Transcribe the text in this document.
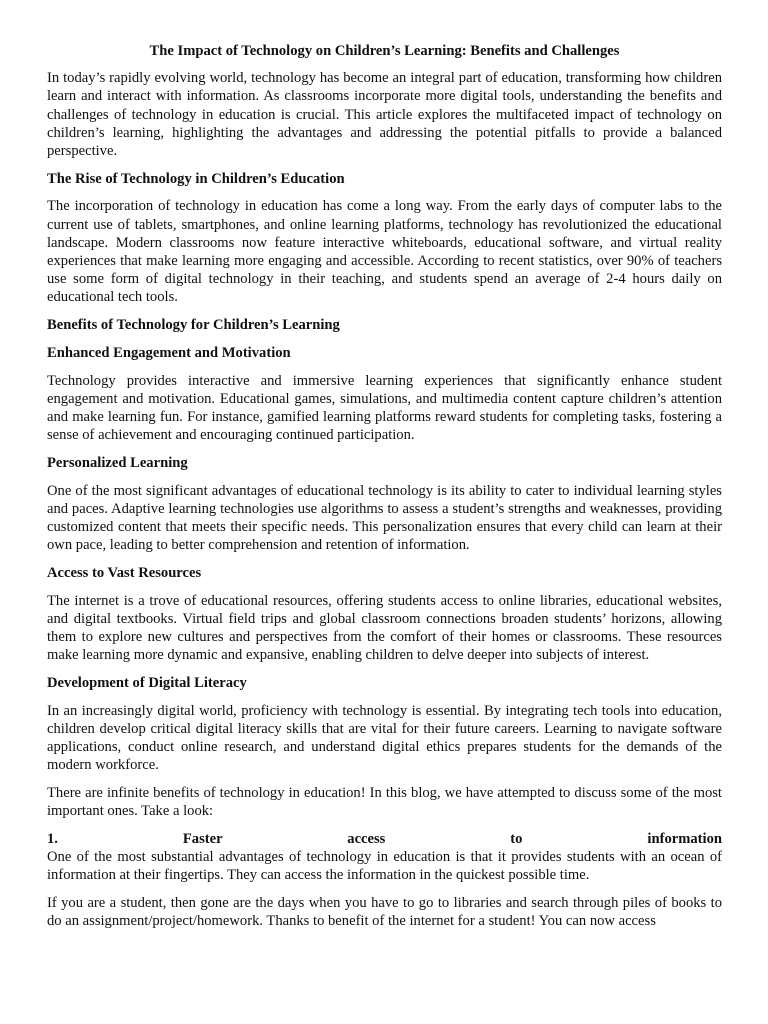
The Impact of Technology on Children’s Learning: Benefits and Challenges

In today’s rapidly evolving world, technology has become an integral part of education, transforming how children learn and interact with information. As classrooms incorporate more digital tools, understanding the benefits and challenges of technology in education is crucial. This article explores the multifaceted impact of technology on children’s learning, highlighting the advantages and addressing the potential pitfalls to provide a balanced perspective.

The Rise of Technology in Children’s Education

The incorporation of technology in education has come a long way. From the early days of computer labs to the current use of tablets, smartphones, and online learning platforms, technology has revolutionized the educational landscape. Modern classrooms now feature interactive whiteboards, educational software, and virtual reality experiences that make learning more engaging and accessible. According to recent statistics, over 90% of teachers use some form of digital technology in their teaching, and students spend an average of 2-4 hours daily on educational tech tools.

Benefits of Technology for Children’s Learning
Enhanced Engagement and Motivation

Technology provides interactive and immersive learning experiences that significantly enhance student engagement and motivation. Educational games, simulations, and multimedia content capture children’s attention and make learning fun. For instance, gamified learning platforms reward students for completing tasks, fostering a sense of achievement and encouraging continued participation.

Personalized Learning

One of the most significant advantages of educational technology is its ability to cater to individual learning styles and paces. Adaptive learning technologies use algorithms to assess a student’s strengths and weaknesses, providing customized content that meets their specific needs. This personalization ensures that every child can learn at their own pace, leading to better comprehension and retention of information.

Access to Vast Resources

The internet is a trove of educational resources, offering students access to online libraries, educational websites, and digital textbooks. Virtual field trips and global classroom connections broaden students’ horizons, allowing them to explore new cultures and perspectives from the comfort of their homes or classrooms. These resources make learning more dynamic and expansive, enabling children to delve deeper into subjects of interest.

Development of Digital Literacy

In an increasingly digital world, proficiency with technology is essential. By integrating tech tools into education, children develop critical digital literacy skills that are vital for their future careers. Learning to navigate software applications, conduct online research, and understand digital ethics prepares students for the demands of the modern workforce.

There are infinite benefits of technology in education! In this blog, we have attempted to discuss some of the most important ones. Take a look:

1. Faster access to information

One of the most substantial advantages of technology in education is that it provides students with an ocean of information at their fingertips. They can access the information in the quickest possible time.

If you are a student, then gone are the days when you have to go to libraries and search through piles of books to do an assignment/project/homework. Thanks to benefit of the internet for a student! You can now access
